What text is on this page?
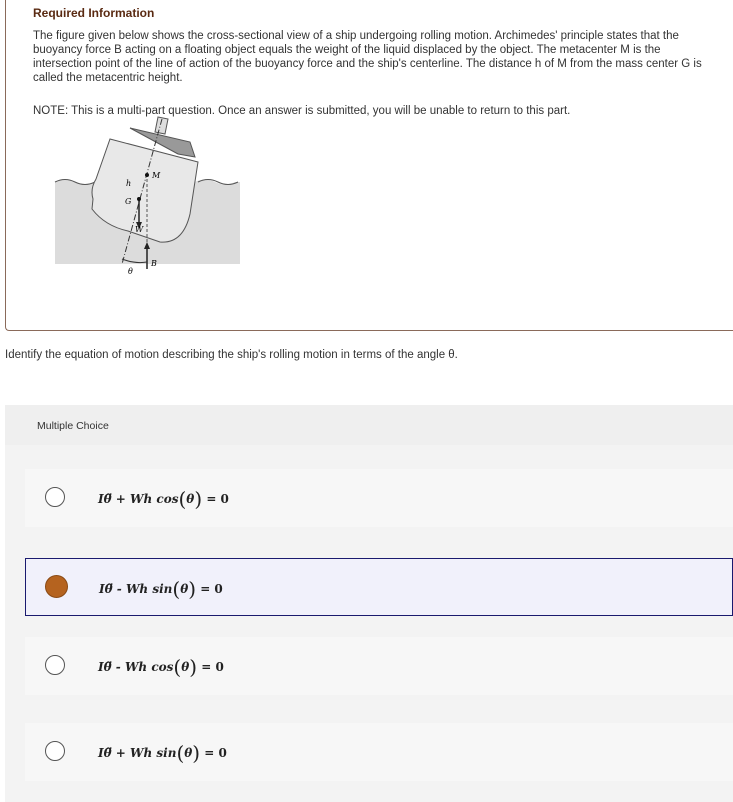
Required Information
The figure given below shows the cross-sectional view of a ship undergoing rolling motion. Archimedes' principle states that the buoyancy force B acting on a floating object equals the weight of the liquid displaced by the object. The metacenter M is the intersection point of the line of action of the buoyancy force and the ship's centerline. The distance h of M from the mass center G is called the metacentric height.
NOTE: This is a multi-part question. Once an answer is submitted, you will be unable to return to this part.
M
h
G
W
B
θ
Identify the equation of motion describing the ship's rolling motion in terms of the angle θ.
Multiple Choice
Iθ̈ + Wh cos(θ) = 0
Iθ̈ - Wh sin(θ) = 0
Iθ̈ - Wh cos(θ) = 0
Iθ̈ + Wh sin(θ) = 0
